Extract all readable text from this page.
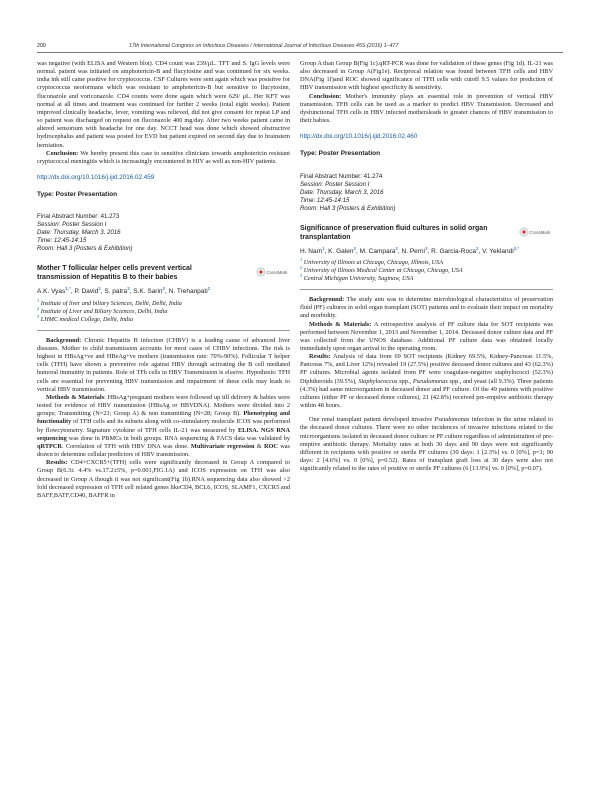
200	17th International Congress on Infectious Diseases / International Journal of Infectious Diseases 45S (2016) 1–477

was negative (with ELISA and Western blot). CD4 count was 239/μL. TFT and S. IgG levels were normal. patient was initiated on amphotericin-B and flucytosine and was continued for six weeks. india ink still came positive for cryptococcus. CSF Cultures were sent again which was posisitve for cryptococcus neoformans which was resistant to amphotericin-B but sensitive to flucytosine, fluconazole and voriconazole. CD4 counts were done again which were 629/ μL. Her KFT was normal at all times and treatment was continued for further 2 weeks (total eight weeks). Patient improved clinically headache, fever, vomiting was relieved, did not give consent for repeat LP and so patient was discharged on request on fluconazole 400 mg/day. After two weeks patient came in altered sensorium with headache for one day. NCCT head was done which showed obstructive hydrocephalus and patient was posted for EVD but patient expired on second day due to brainstem herniation.

Conclusion: We hereby present this case to sensitive clinicians towards amphotericin resistant cryptococcal meningitis which is increasingly encountered in HIV as well as non-HIV patients.

http://dx.doi.org/10.1016/j.ijid.2016.02.459

Type: Poster Presentation

Final Abstract Number: 41.273
Session: Poster Session I
Date: Thursday, March 3, 2016
Time: 12:45-14:15
Room: Hall 3 (Posters & Exhibition)
Mother T follicular helper cells prevent vertical transmission of Hepatitis B to their babies
CrossMark

A.K. Vyas$^{1,*}$, P. David$^2$, S. patra$^3$, S.K. Sarin$^2$, N. Trehanpati$^2$

$^1$ Institute of liver and biliary Sciences, Delhi, Delhi, India
$^2$ Institute of Liver and Biliary Sciences, Delhi, India
$^3$ LHMC medical College, Delhi, India

Background: Chronic Hepatitis B infection (CHBV) is a leading cause of advanced liver diseases. Mother to child transmission accounts for most cases of CHBV infections. The risk is highest in HBsAg+ve and HBeAg+ve mothers (transmission rate: 70%-90%). Follicular T helper cells (TFH) have shown a preventive role against HBV through activating the B cell mediated humoral immunity in patients. Role of TFh cells in HBV Transmission is elusive. Hypothesis: TFH cells are essential for preventing HBV transmission and impairment of these cells may leads to vertical HBV transmission.

Methods & Materials: HBsAg+pregnant mothers were followed up till delivery & babies were tested for evidence of HBV transmission (HBsAg or HBVDNA). Mothers were divided into 2 groups; Transmitting (N=21; Group A) & non transmitting (N=28; Group B). Phenotyping and functionality of TFH cells and its subsets along with co-stimulatory molecule ICOS was performed by flowcytometry. Signature cytokine of TFH cells IL-21 was measured by ELISA. NGS RNA sequencing was done in PBMCs in both groups. RNA sequencing & FACS data was validated by qRTPCR. Correlation of TFH with HBV DNA was done. Multivariate regression & ROC was drawn to determine cellular predictors of HBV transmission.

Results: CD4+CXCR5+(TFH) cells were significantly decreased in Group A compared to Group B(6.3± 4.4% vs.17.2±5%, p=0.001,FIG.1A) and ICOS expression on TFH was also decreased in Group A though it was not significant(Fig 1b).RNA sequencing data also showed >2 fold decreased expression of TFH cell related genes likeCD4, BCL6, ICOS, SLAMF1, CXCR5 and BAFF,BATF,CD40, BAFFR in

Group A than Group B(Fig 1c).qRT-PCR was done for validation of these genes (Fig 1d). IL-21 was also decreased in Group A(Fig1e). Reciprocal relation was found between TFH cells and HBV DNA(Fig 1f)and ROC showed significance of TFH cells with cutoff 9.5 values for prediction of HBV transmission with highest specificity & sensitivity.

Conclusion: Mother's immunity plays an essential role in prevention of vertical HBV transmission. TFH cells can be used as a marker to predict HBV Transmission. Decreased and dysfunctional TFH cells in HBV infected mothersleads to greater chances of HBV transmission to their babies.

http://dx.doi.org/10.1016/j.ijid.2016.02.460

Type: Poster Presentation

Final Abstract Number: 41.274
Session: Poster Session I
Date: Thursday, March 3, 2016
Time: 12:45-14:15
Room: Hall 3 (Posters & Exhibition)
Significance of preservation fluid cultures in solid organ transplantation
CrossMark

H. Nam$^1$, K. Galen$^2$, M. Campara$^2$, N. Perni$^3$, R. Garcia-Roca$^2$, V. Yeklandi$^{2,*}$

$^1$ University of Illinois at Chicago, Chicago, Illinois, USA
$^2$ University of Illinois Medical Center at Chicago, Chicago, USA
$^3$ Central Michigan University, Saginaw, USA

Background: The study aim was to determine microbiological characteristics of preservation fluid (PF) cultures in solid organ transplant (SOT) patients and to evaluate their impact on mortality and morbidity.

Methods & Materials: A retrospective analysis of PF culture data for SOT recipients was performed between November 1, 2013 and November 1, 2014. Deceased donor culture data and PF was collected from the UNOS database. Additional PF culture data was obtained locally immediately upon organ arrival to the operating room.

Results: Analysis of data from 69 SOT recipients (Kidney 69.5%, Kidney-Pancreas 11.5%, Pancreas 7%, and Liver 12%) revealed 19 (27.5%) positive deceased donor cultures and 43 (62.3%) PF cultures. Microbial agents isolated from PF were coagulase-negative staphylococci (52.3%) Diphtheroids (39.5%), Staphylococcus spp., Pseudomonas spp., and yeast (all 9.3%). Three patients (4.3%) had same microorganism in deceased donor and PF culture. Of the 49 patients with positive cultures (either PF or deceased donor cultures), 21 (42.8%) received pre-emptive antibiotic therapy within 48 hours.

One renal transplant patient developed invasive Pseudomonas infection in the urine related to the deceased donor cultures. There were no other incidences of invasive infections related to the microorganisms isolated in deceased donor culture or PF culture regardless of administration of pre-emptive antibiotic therapy. Mortality rates at both 30 days and 90 days were not significantly different in recipients with positive or sterile PF cultures (30 days: 1 [2.3%] vs. 0 [0%], p=1; 90 days: 2 [4.6%] vs. 0 [0%], p=0.52). Rates of transplant graft loss at 30 days were also not significantly related to the rates of positive or sterile PF cultures (6 [13.9%] vs. 0 [0%], p=0.07).
